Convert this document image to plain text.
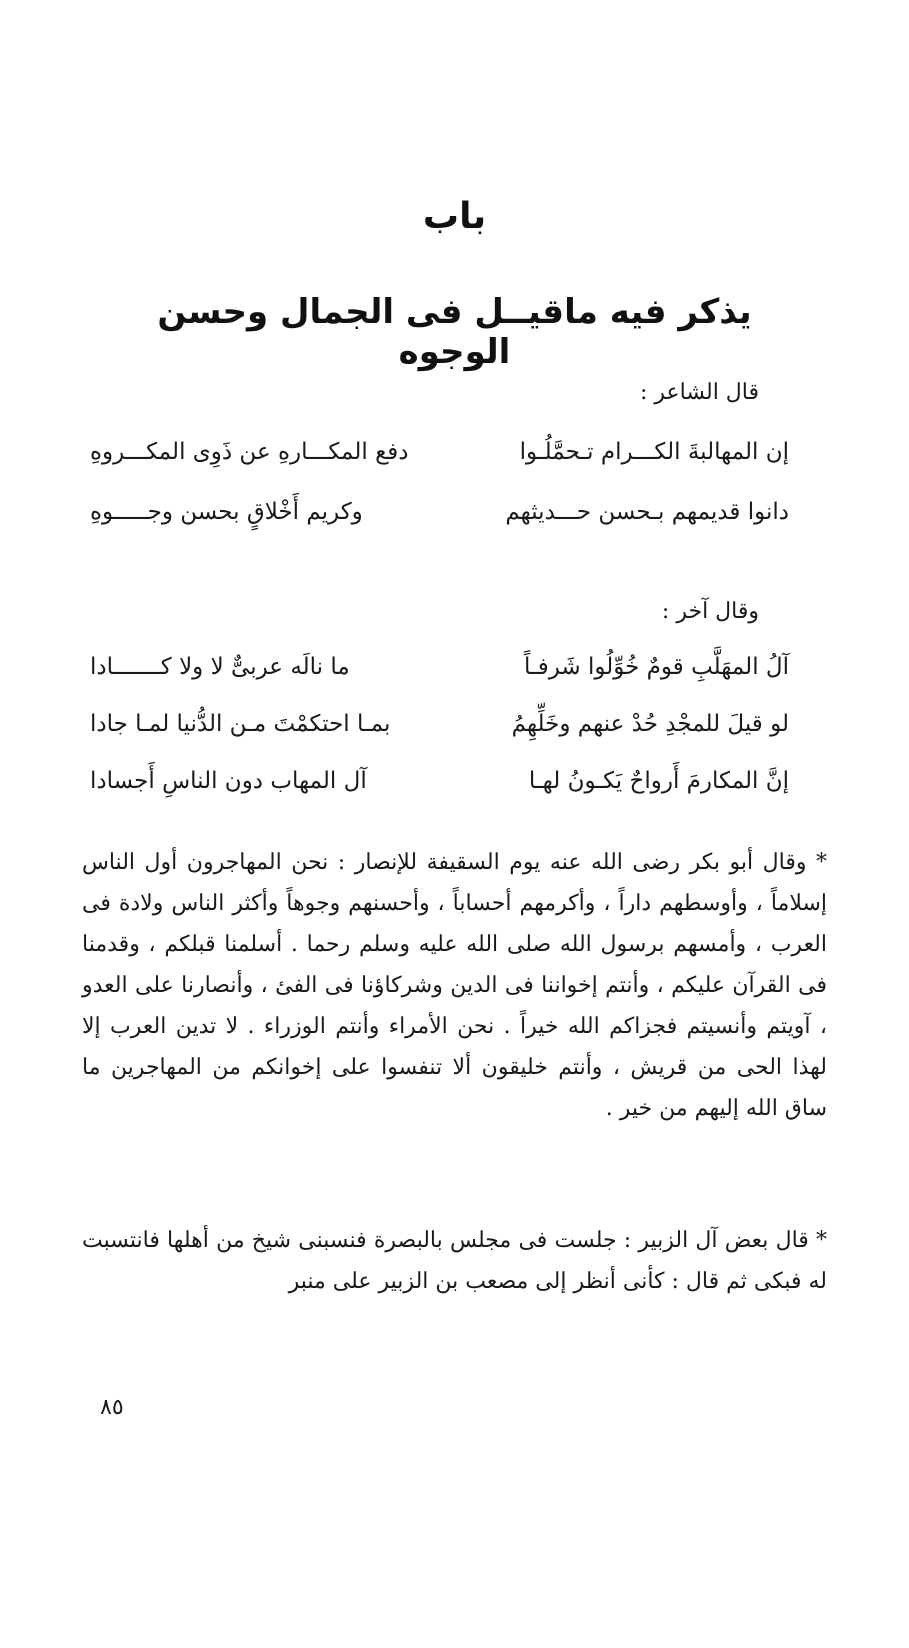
باب
يذكر فيه ماقيــل فى الجمال وحسن الوجوه
قال الشاعر :
إن المهالبةَ الكـــرام تـحمَّلُـوا
دفع المكـــارهِ عن ذَوِى المكـــروهِ
دانوا قديمهم بـحسن حـــديثهم
وكريم أَخْلاقٍ بحسن وجـــــوهِ
وقال آخر :
آلُ المهَلَّبِ قومٌ خُوِّلُوا شَرفـاً
ما نالَه عربىٌّ لا ولا كـــــــادا
لو قيلَ للمجْدِ حُدْ عنهم وخَلِّهِمُ
بمـا احتكمْتَ مـن الدُّنيا لمـا جادا
إنَّ المكارمَ أَرواحٌ يَكـونُ لهـا
آل المهاب دون الناسِ أَجسادا
‏* وقال أبو بكر رضى الله عنه يوم السقيفة للإنصار : نحن المهاجرون أول الناس إسلاماً ، وأوسطهم داراً ، وأكرمهم أحساباً ، وأحسنهم وجوهاً وأكثر الناس ولادة فى العرب ، وأمسهم برسول الله صلى الله عليه وسلم رحما . أسلمنا قبلكم ، وقدمنا فى القرآن عليكم ، وأنتم إخواننا فى الدين وشركاؤنا فى الفئ ، وأنصارنا على العدو ، آويتم وأنسيتم فجزاكم الله خيراً . نحن الأمراء وأنتم الوزراء . لا تدين العرب إلا لهذا الحى من قريش ، وأنتم خليقون ألا تنفسوا على إخوانكم من المهاجرين ما ساق الله إليهم من خير .
‏* قال بعض آل الزبير : جلست فى مجلس بالبصرة فنسبنى شيخ من أهلها فانتسبت له فبكى ثم قال : كأنى أنظر إلى مصعب بن الزبير على منبر
٨٥
